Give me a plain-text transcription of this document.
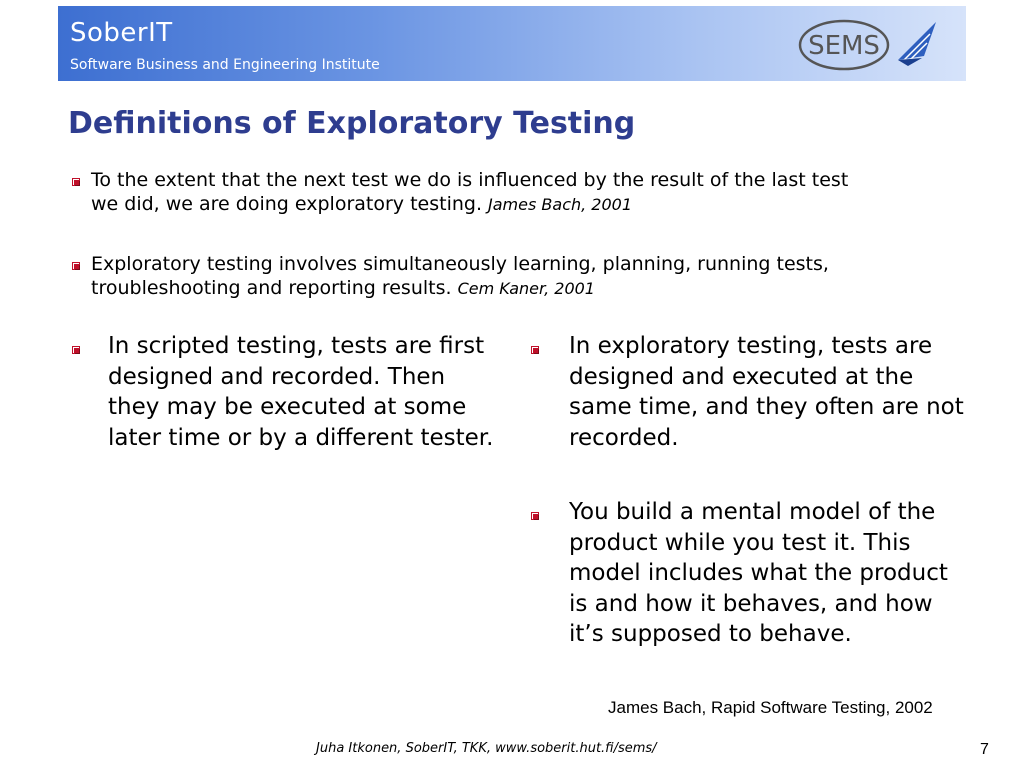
SoberIT
Software Business and Engineering Institute
SEMS
Definitions of Exploratory Testing
To the extent that the next test we do is influenced by the result of the last test we did, we are doing exploratory testing. James Bach, 2001
Exploratory testing involves simultaneously learning, planning, running tests, troubleshooting and reporting results. Cem Kaner, 2001
In scripted testing, tests are first designed and recorded. Then they may be executed at some later time or by a different tester.
In exploratory testing, tests are designed and executed at the same time, and they often are not recorded.
You build a mental model of the product while you test it. This model includes what the product is and how it behaves, and how it’s supposed to behave.
James Bach, Rapid Software Testing, 2002
Juha Itkonen, SoberIT, TKK, www.soberit.hut.fi/sems/	7
